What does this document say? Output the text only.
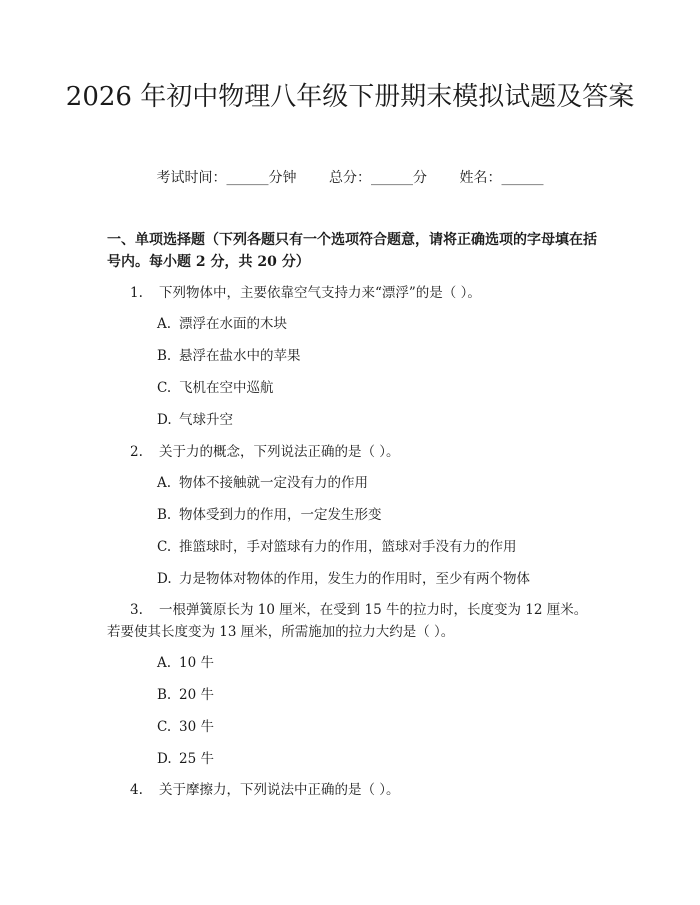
2026 年初中物理八年级下册期末模拟试题及答案
考试时间：______分钟 总分：______分 姓名：______
一、单项选择题（下列各题只有一个选项符合题意，请将正确选项的字母填在括号内。每小题 2 分，共 20 分）
1. 下列物体中，主要依靠空气支持力来“漂浮”的是（ ）。
A. 漂浮在水面的木块
B. 悬浮在盐水中的苹果
C. 飞机在空中巡航
D. 气球升空
2. 关于力的概念，下列说法正确的是（ ）。
A. 物体不接触就一定没有力的作用
B. 物体受到力的作用，一定发生形变
C. 推篮球时，手对篮球有力的作用，篮球对手没有力的作用
D. 力是物体对物体的作用，发生力的作用时，至少有两个物体
3. 一根弹簧原长为 10 厘米，在受到 15 牛的拉力时，长度变为 12 厘米。若要使其长度变为 13 厘米，所需施加的拉力大约是（ ）。
A. 10 牛
B. 20 牛
C. 30 牛
D. 25 牛
4. 关于摩擦力，下列说法中正确的是（ ）。
